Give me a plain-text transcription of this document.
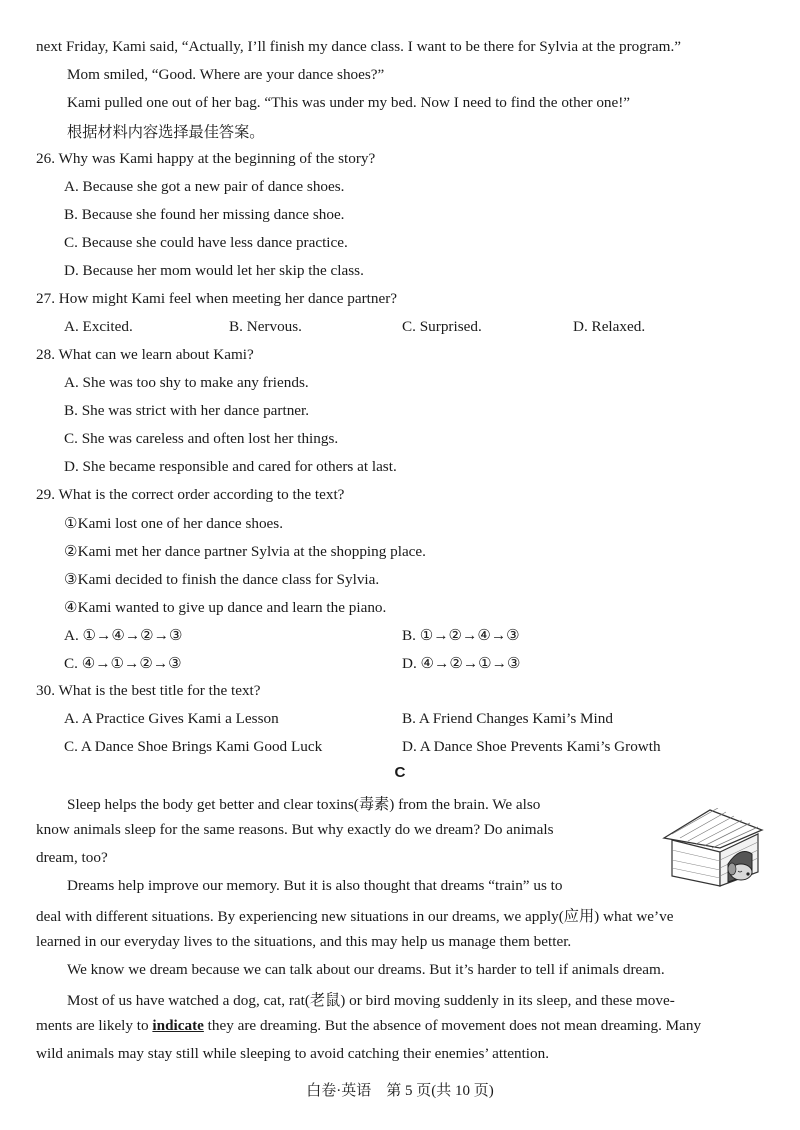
next Friday, Kami said, “Actually, I’ll finish my dance class. I want to be there for Sylvia at the program.”
Mom smiled, “Good. Where are your dance shoes?”
Kami pulled one out of her bag. “This was under my bed. Now I need to find the other one!”
根据材料内容选择最佳答案。
26. Why was Kami happy at the beginning of the story?
A. Because she got a new pair of dance shoes.
B. Because she found her missing dance shoe.
C. Because she could have less dance practice.
D. Because her mom would let her skip the class.
27. How might Kami feel when meeting her dance partner?
A. Excited.	B. Nervous.	C. Surprised.	D. Relaxed.
28. What can we learn about Kami?
A. She was too shy to make any friends.
B. She was strict with her dance partner.
C. She was careless and often lost her things.
D. She became responsible and cared for others at last.
29. What is the correct order according to the text?
①Kami lost one of her dance shoes.
②Kami met her dance partner Sylvia at the shopping place.
③Kami decided to finish the dance class for Sylvia.
④Kami wanted to give up dance and learn the piano.
A. ①→④→②→③	B. ①→②→④→③
C. ④→①→②→③	D. ④→②→①→③
30. What is the best title for the text?
A. A Practice Gives Kami a Lesson	B. A Friend Changes Kami’s Mind
C. A Dance Shoe Brings Kami Good Luck	D. A Dance Shoe Prevents Kami’s Growth
C
Sleep helps the body get better and clear toxins(毒素) from the brain. We also
know animals sleep for the same reasons. But why exactly do we dream? Do animals
dream, too?
Dreams help improve our memory. But it is also thought that dreams “train” us to
deal with different situations. By experiencing new situations in our dreams, we apply(应用) what we’ve
learned in our everyday lives to the situations, and this may help us manage them better.
We know we dream because we can talk about our dreams. But it’s harder to tell if animals dream.
Most of us have watched a dog, cat, rat(老鼠) or bird moving suddenly in its sleep, and these move-
ments are likely to indicate they are dreaming. But the absence of movement does not mean dreaming. Many
wild animals may stay still while sleeping to avoid catching their enemies’ attention.
白卷·英语　第 5 页(共 10 页)
